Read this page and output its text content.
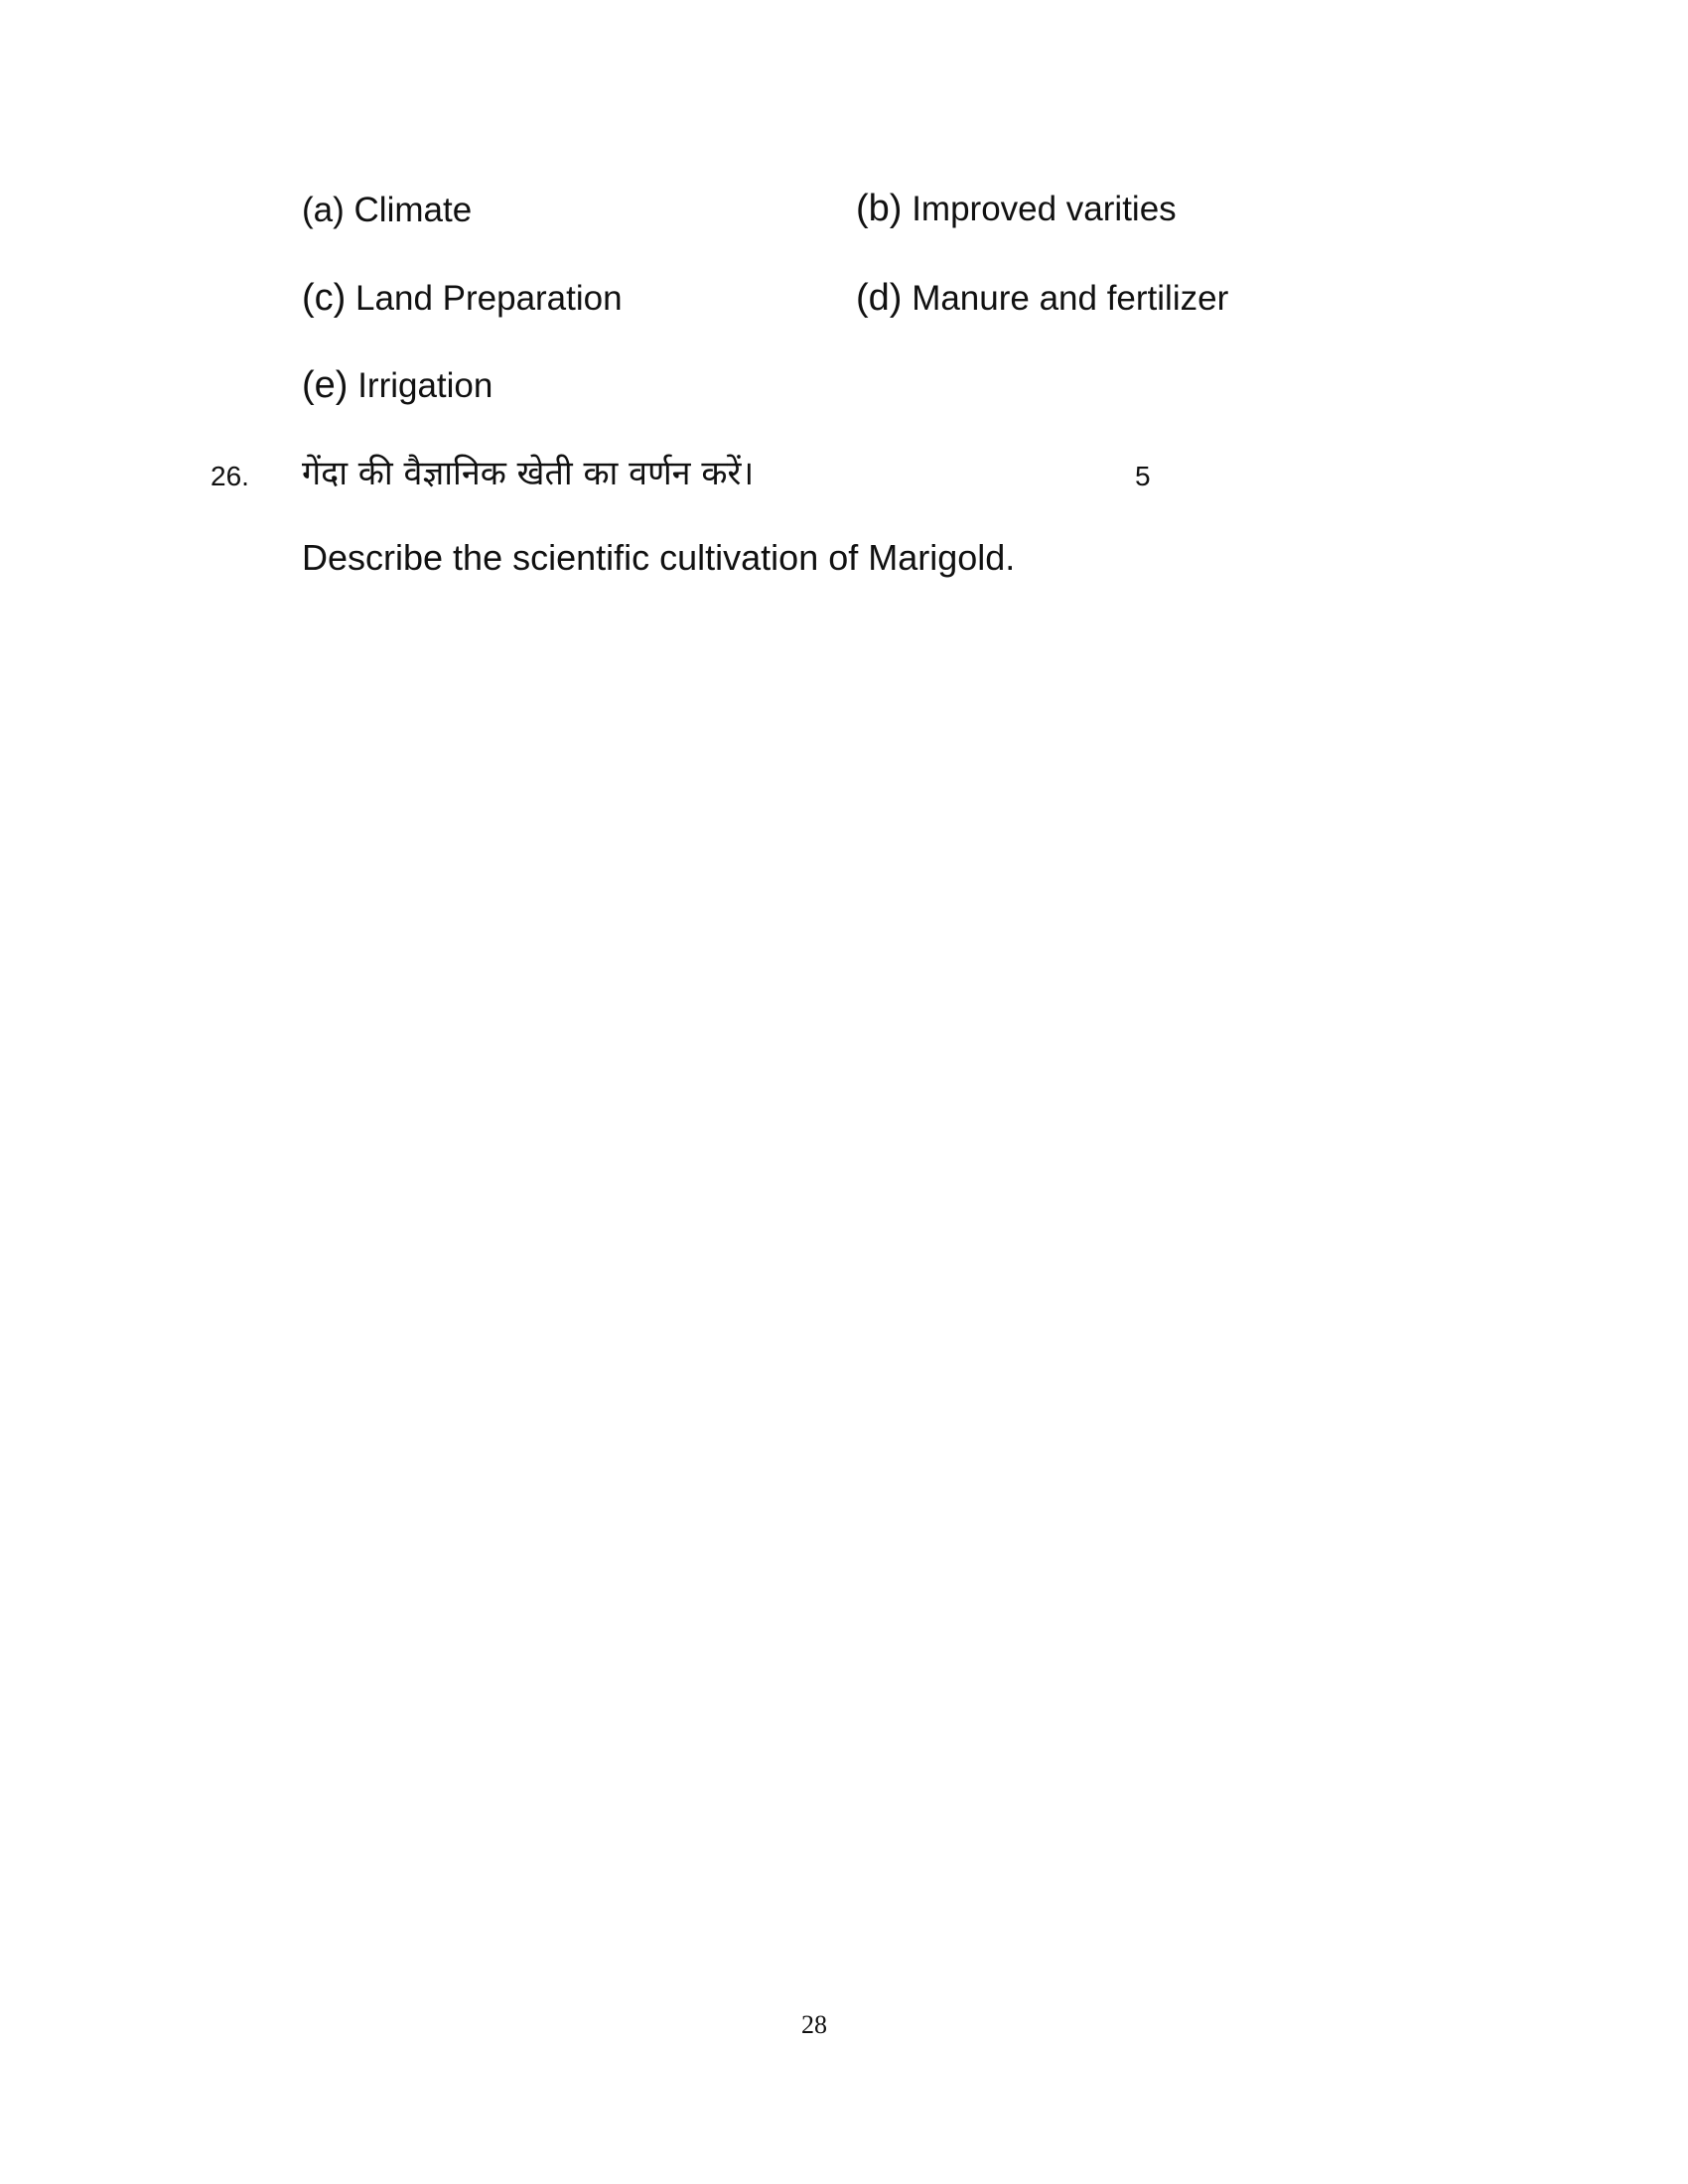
(a) Climate	(b) Improved varities
(c) Land Preparation	(d) Manure and fertilizer
(e) Irrigation
26. गेंदा की वैज्ञानिक खेती का वर्णन करें।	5
Describe the scientific cultivation of Marigold.
28
